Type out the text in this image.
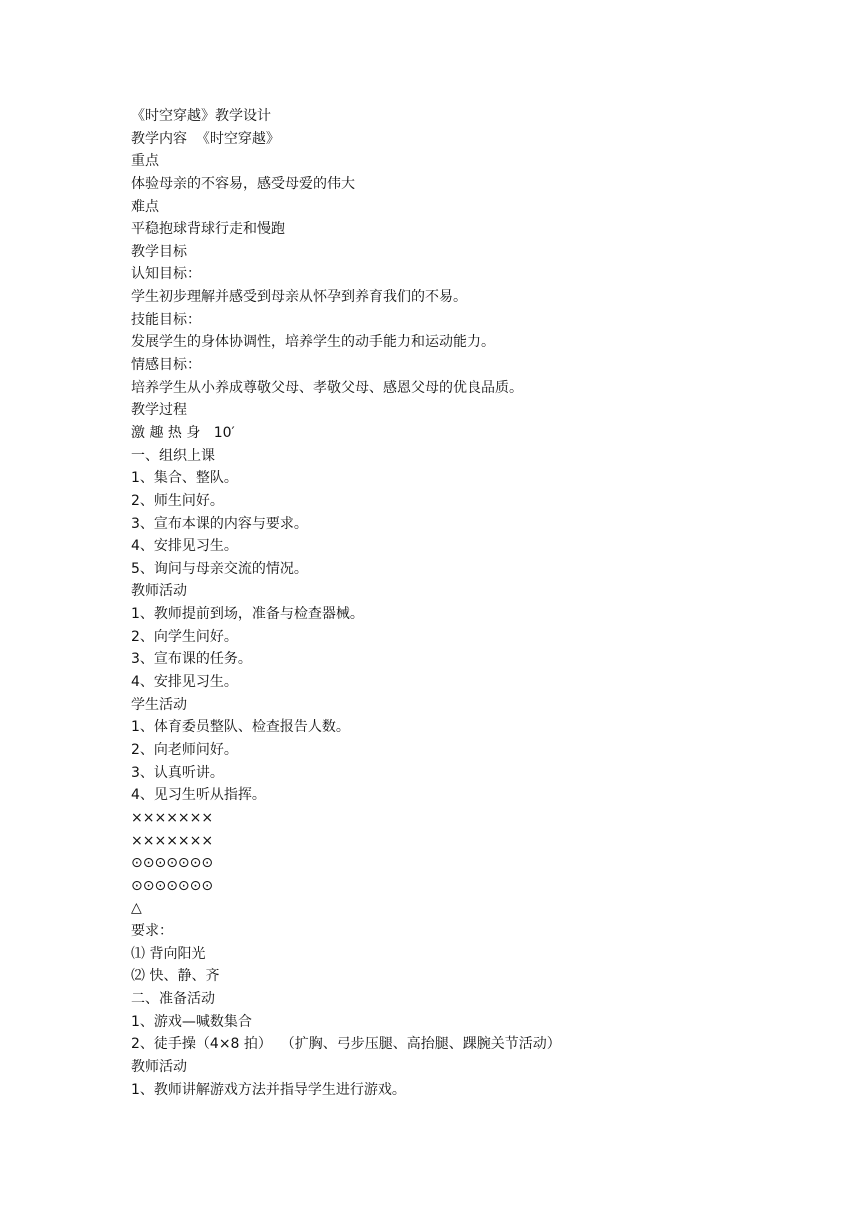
《时空穿越》教学设计
教学内容  《时空穿越》
重点
体验母亲的不容易，感受母爱的伟大
难点
平稳抱球背球行走和慢跑
教学目标
认知目标：
学生初步理解并感受到母亲从怀孕到养育我们的不易。
技能目标：
发展学生的身体协调性，培养学生的动手能力和运动能力。
情感目标：
培养学生从小养成尊敬父母、孝敬父母、感恩父母的优良品质。
教学过程
激 趣 热 身   10′
一、组织上课
1、集合、整队。
2、师生问好。
3、宣布本课的内容与要求。
4、安排见习生。
5、询问与母亲交流的情况。
教师活动
1、教师提前到场，准备与检查器械。
2、向学生问好。
3、宣布课的任务。
4、安排见习生。
学生活动
1、体育委员整队、检查报告人数。
2、向老师问好。
3、认真听讲。
4、见习生听从指挥。
×××××××
×××××××
⊙⊙⊙⊙⊙⊙⊙
⊙⊙⊙⊙⊙⊙⊙
△
要求：
⑴ 背向阳光
⑵ 快、静、齐
二、准备活动
1、游戏—喊数集合
2、徒手操（4×8 拍）  （扩胸、弓步压腿、高抬腿、踝腕关节活动）
教师活动
1、教师讲解游戏方法并指导学生进行游戏。
